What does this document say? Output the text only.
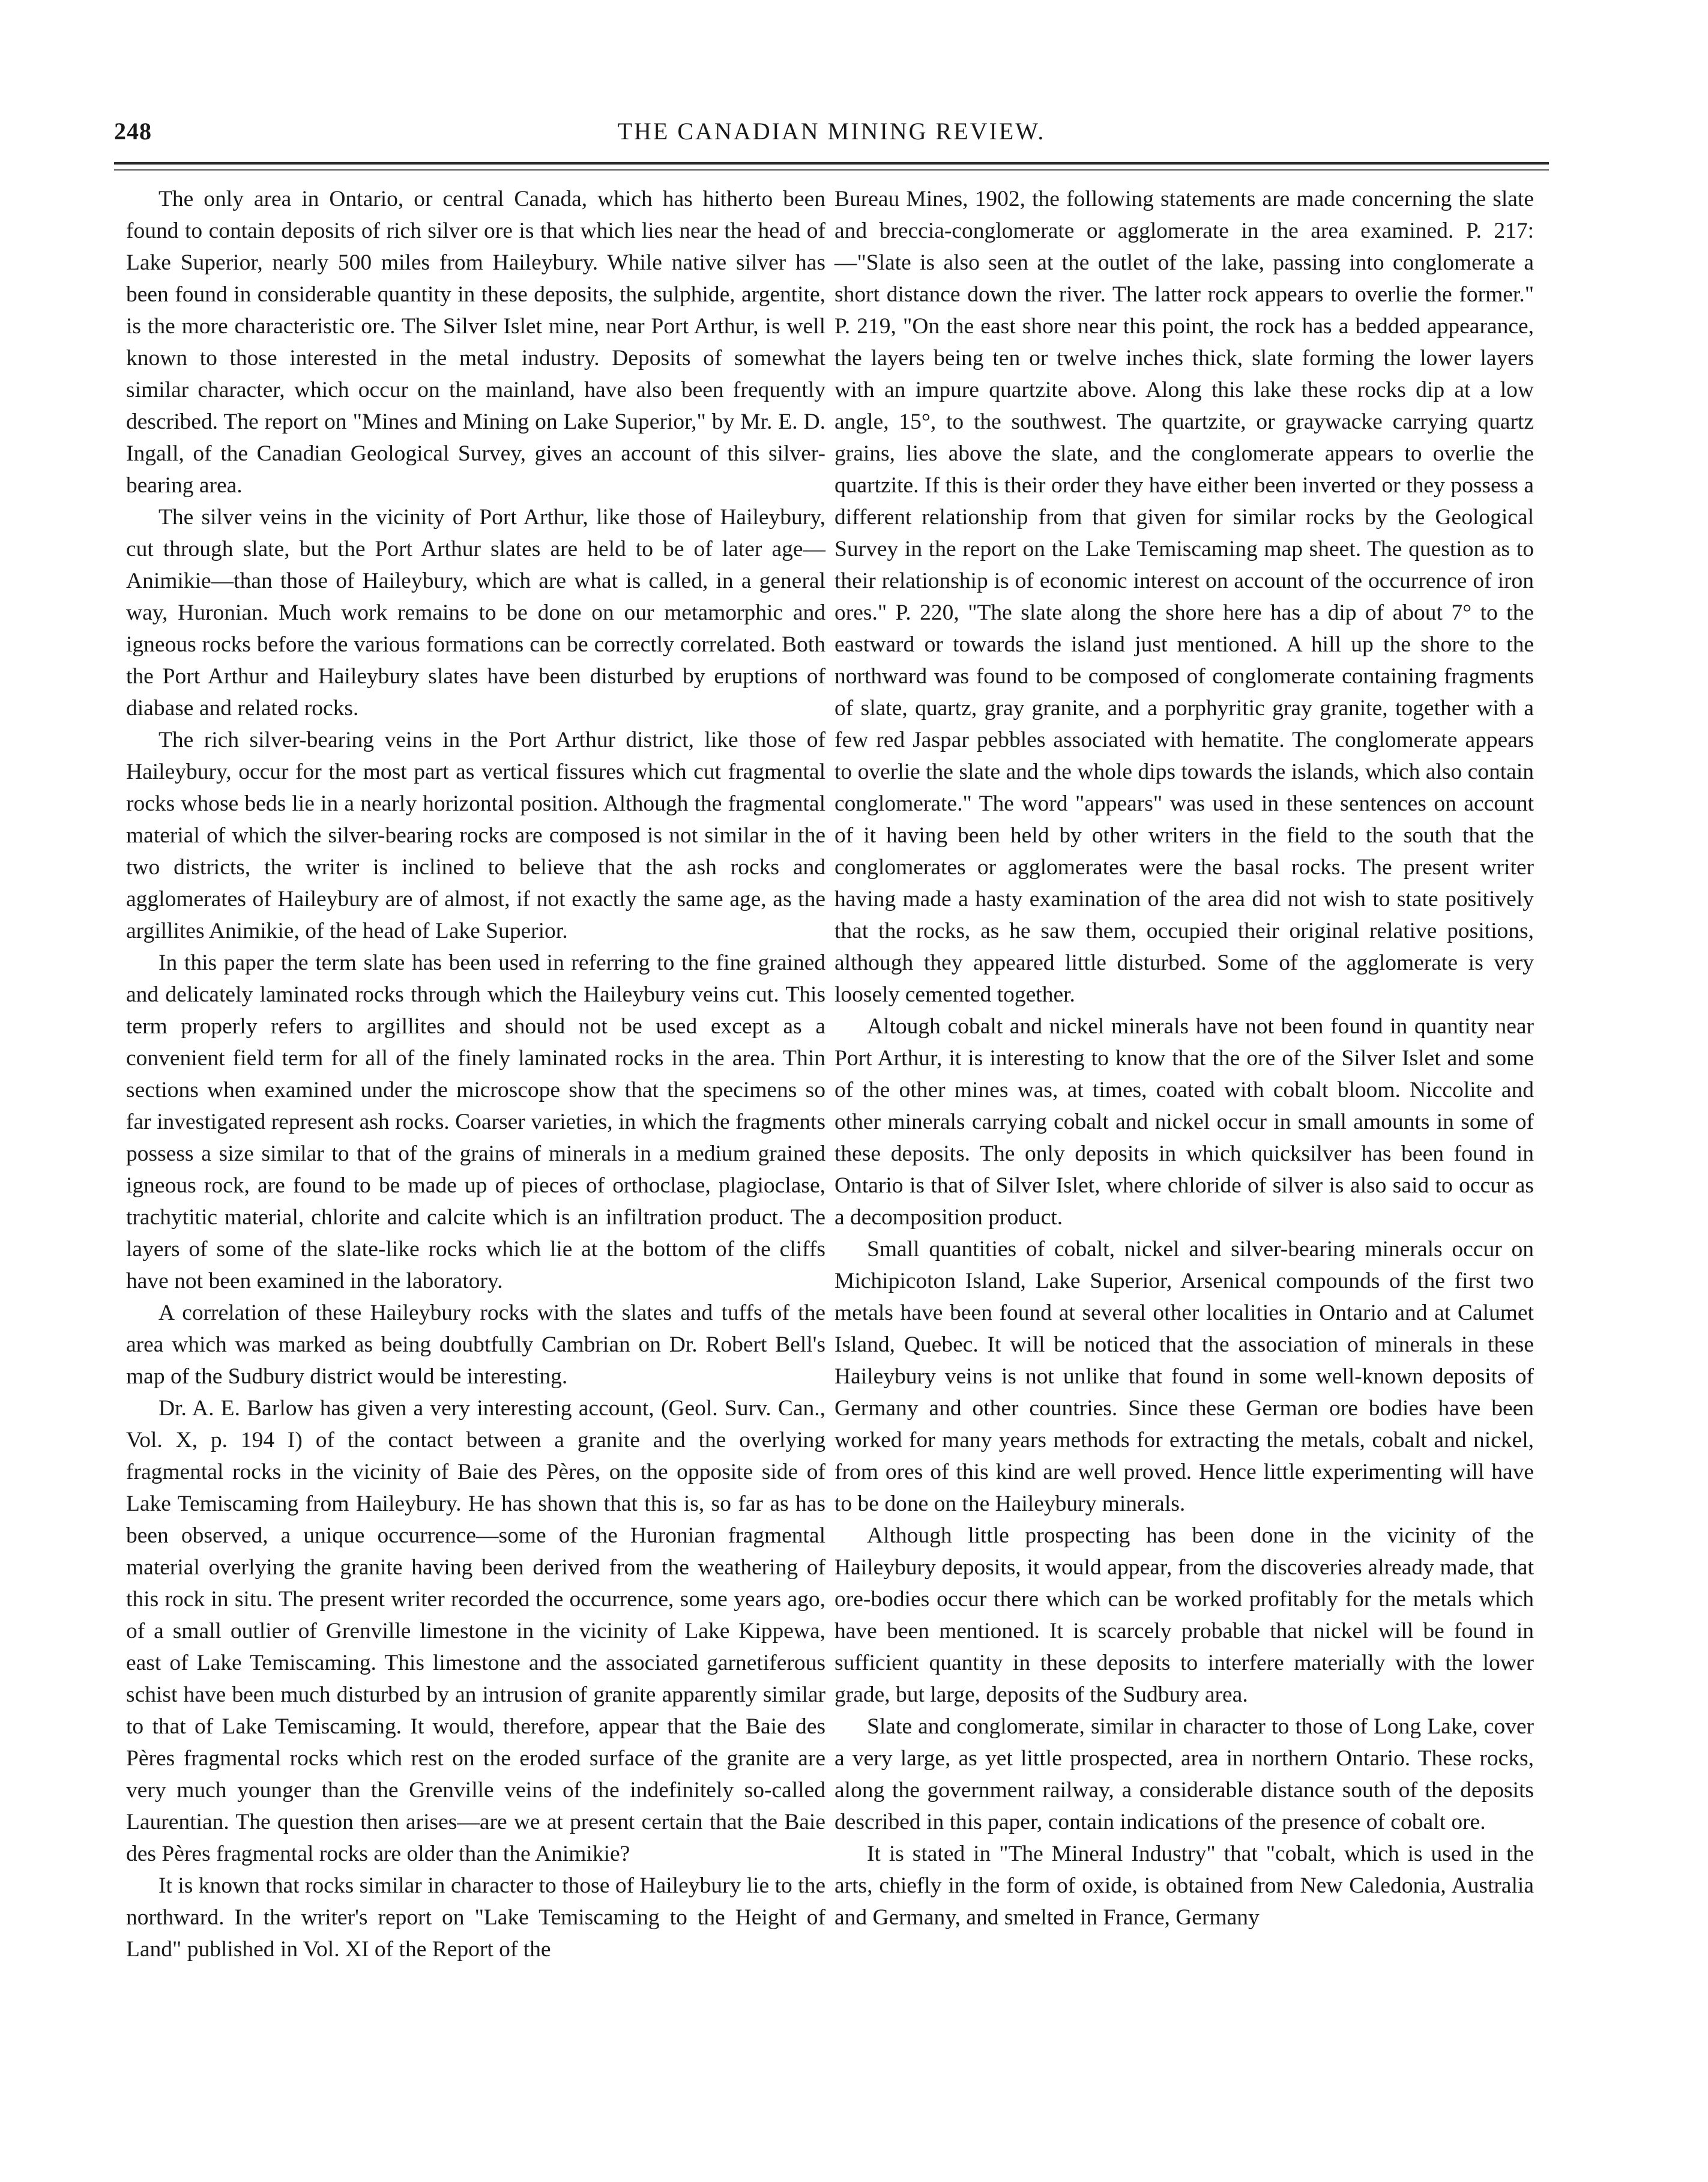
248	THE CANADIAN MINING REVIEW.

The only area in Ontario, or central Canada, which has hitherto been found to contain deposits of rich silver ore is that which lies near the head of Lake Superior, nearly 500 miles from Haileybury. While native silver has been found in considerable quantity in these deposits, the sulphide, argentite, is the more characteristic ore. The Silver Islet mine, near Port Arthur, is well known to those interested in the metal industry. Deposits of somewhat similar character, which occur on the mainland, have also been frequently described. The report on "Mines and Mining on Lake Superior," by Mr. E. D. Ingall, of the Canadian Geological Survey, gives an account of this silver-bearing area.

The silver veins in the vicinity of Port Arthur, like those of Haileybury, cut through slate, but the Port Arthur slates are held to be of later age—Animikie—than those of Haileybury, which are what is called, in a general way, Huronian. Much work remains to be done on our metamorphic and igneous rocks before the various formations can be correctly correlated. Both the Port Arthur and Haileybury slates have been disturbed by eruptions of diabase and related rocks.

The rich silver-bearing veins in the Port Arthur district, like those of Haileybury, occur for the most part as vertical fissures which cut fragmental rocks whose beds lie in a nearly horizontal position. Although the fragmental material of which the silver-bearing rocks are composed is not similar in the two districts, the writer is inclined to believe that the ash rocks and agglomerates of Haileybury are of almost, if not exactly the same age, as the argillites Animikie, of the head of Lake Superior.

In this paper the term slate has been used in referring to the fine grained and delicately laminated rocks through which the Haileybury veins cut. This term properly refers to argillites and should not be used except as a convenient field term for all of the finely laminated rocks in the area. Thin sections when examined under the microscope show that the specimens so far investigated represent ash rocks. Coarser varieties, in which the fragments possess a size similar to that of the grains of minerals in a medium grained igneous rock, are found to be made up of pieces of orthoclase, plagioclase, trachytitic material, chlorite and calcite which is an infiltration product. The layers of some of the slate-like rocks which lie at the bottom of the cliffs have not been examined in the laboratory.

A correlation of these Haileybury rocks with the slates and tuffs of the area which was marked as being doubtfully Cambrian on Dr. Robert Bell's map of the Sudbury district would be interesting.

Dr. A. E. Barlow has given a very interesting account, (Geol. Surv. Can., Vol. X, p. 194 I) of the contact between a granite and the overlying fragmental rocks in the vicinity of Baie des Pères, on the opposite side of Lake Temiscaming from Haileybury. He has shown that this is, so far as has been observed, a unique occurrence—some of the Huronian fragmental material overlying the granite having been derived from the weathering of this rock in situ. The present writer recorded the occurrence, some years ago, of a small outlier of Grenville limestone in the vicinity of Lake Kippewa, east of Lake Temiscaming. This limestone and the associated garnetiferous schist have been much disturbed by an intrusion of granite apparently similar to that of Lake Temiscaming. It would, therefore, appear that the Baie des Pères fragmental rocks which rest on the eroded surface of the granite are very much younger than the Grenville veins of the indefinitely so-called Laurentian. The question then arises—are we at present certain that the Baie des Pères fragmental rocks are older than the Animikie?

It is known that rocks similar in character to those of Haileybury lie to the northward. In the writer's report on "Lake Temiscaming to the Height of Land" published in Vol. XI of the Report of the

Bureau Mines, 1902, the following statements are made concerning the slate and breccia-conglomerate or agglomerate in the area examined. P. 217:—"Slate is also seen at the outlet of the lake, passing into conglomerate a short distance down the river. The latter rock appears to overlie the former." P. 219, "On the east shore near this point, the rock has a bedded appearance, the layers being ten or twelve inches thick, slate forming the lower layers with an impure quartzite above. Along this lake these rocks dip at a low angle, 15°, to the southwest. The quartzite, or graywacke carrying quartz grains, lies above the slate, and the conglomerate appears to overlie the quartzite. If this is their order they have either been inverted or they possess a different relationship from that given for similar rocks by the Geological Survey in the report on the Lake Temiscaming map sheet. The question as to their relationship is of economic interest on account of the occurrence of iron ores." P. 220, "The slate along the shore here has a dip of about 7° to the eastward or towards the island just mentioned. A hill up the shore to the northward was found to be composed of conglomerate containing fragments of slate, quartz, gray granite, and a porphyritic gray granite, together with a few red Jaspar pebbles associated with hematite. The conglomerate appears to overlie the slate and the whole dips towards the islands, which also contain conglomerate." The word "appears" was used in these sentences on account of it having been held by other writers in the field to the south that the conglomerates or agglomerates were the basal rocks. The present writer having made a hasty examination of the area did not wish to state positively that the rocks, as he saw them, occupied their original relative positions, although they appeared little disturbed. Some of the agglomerate is very loosely cemented together.

Altough cobalt and nickel minerals have not been found in quantity near Port Arthur, it is interesting to know that the ore of the Silver Islet and some of the other mines was, at times, coated with cobalt bloom. Niccolite and other minerals carrying cobalt and nickel occur in small amounts in some of these deposits. The only deposits in which quicksilver has been found in Ontario is that of Silver Islet, where chloride of silver is also said to occur as a decomposition product.

Small quantities of cobalt, nickel and silver-bearing minerals occur on Michipicoton Island, Lake Superior, Arsenical compounds of the first two metals have been found at several other localities in Ontario and at Calumet Island, Quebec. It will be noticed that the association of minerals in these Haileybury veins is not unlike that found in some well-known deposits of Germany and other countries. Since these German ore bodies have been worked for many years methods for extracting the metals, cobalt and nickel, from ores of this kind are well proved. Hence little experimenting will have to be done on the Haileybury minerals.

Although little prospecting has been done in the vicinity of the Haileybury deposits, it would appear, from the discoveries already made, that ore-bodies occur there which can be worked profitably for the metals which have been mentioned. It is scarcely probable that nickel will be found in sufficient quantity in these deposits to interfere materially with the lower grade, but large, deposits of the Sudbury area.

Slate and conglomerate, similar in character to those of Long Lake, cover a very large, as yet little prospected, area in northern Ontario. These rocks, along the government railway, a considerable distance south of the deposits described in this paper, contain indications of the presence of cobalt ore.

It is stated in "The Mineral Industry" that "cobalt, which is used in the arts, chiefly in the form of oxide, is obtained from New Caledonia, Australia and Germany, and smelted in France, Germany
